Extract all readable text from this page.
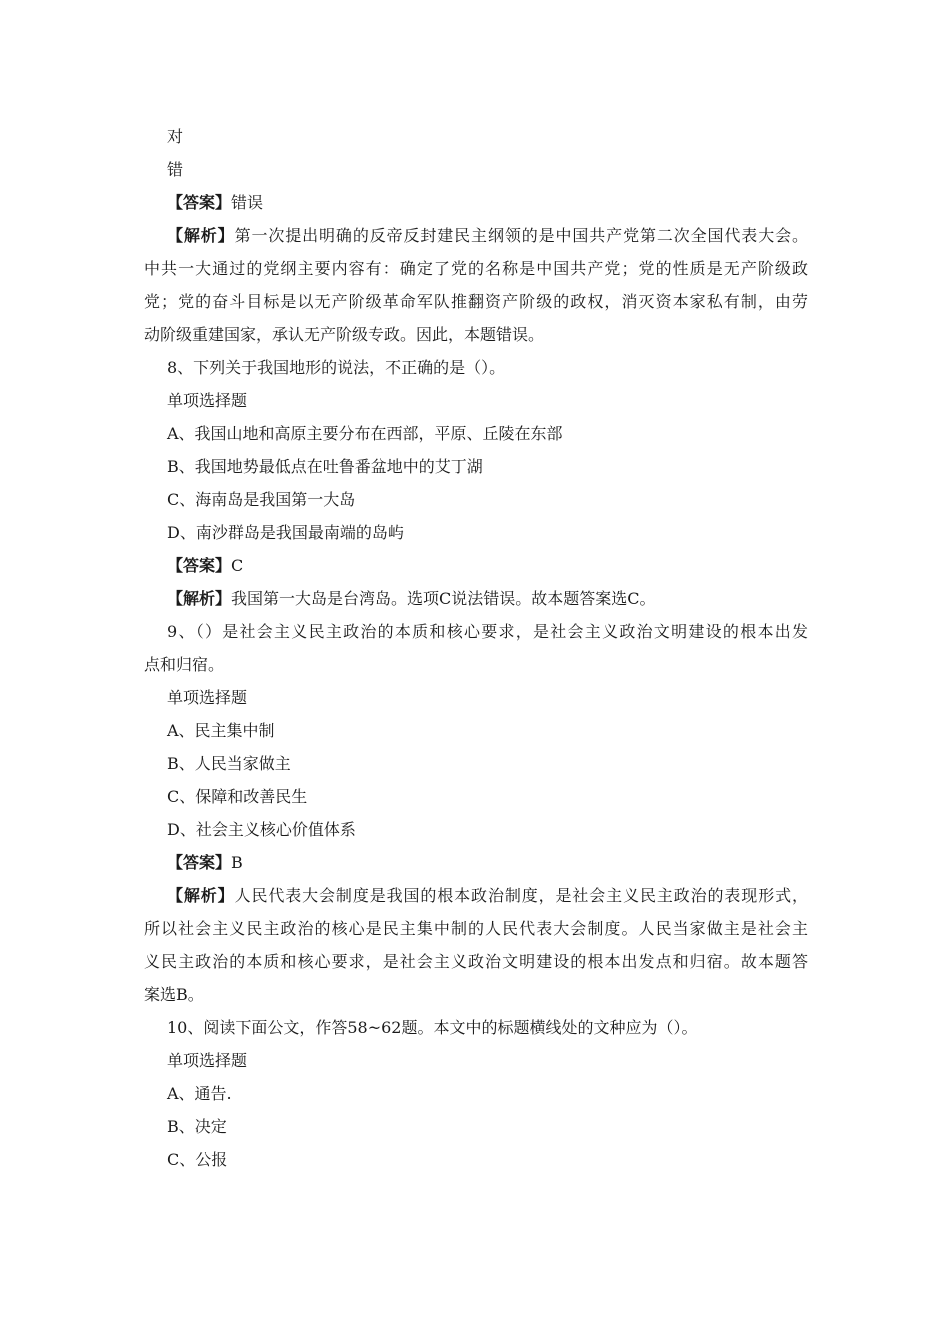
对
错
【答案】错误
【解析】第一次提出明确的反帝反封建民主纲领的是中国共产党第二次全国代表大会。
中共一大通过的党纲主要内容有：确定了党的名称是中国共产党；党的性质是无产阶级政
党；党的奋斗目标是以无产阶级革命军队推翻资产阶级的政权，消灭资本家私有制，由劳
动阶级重建国家，承认无产阶级专政。因此，本题错误。
8、下列关于我国地形的说法，不正确的是（）。
单项选择题
A、我国山地和高原主要分布在西部，平原、丘陵在东部
B、我国地势最低点在吐鲁番盆地中的艾丁湖
C、海南岛是我国第一大岛
D、南沙群岛是我国最南端的岛屿
【答案】C
【解析】我国第一大岛是台湾岛。选项C说法错误。故本题答案选C。
9、（）是社会主义民主政治的本质和核心要求，是社会主义政治文明建设的根本出发
点和归宿。
单项选择题
A、民主集中制
B、人民当家做主
C、保障和改善民生
D、社会主义核心价值体系
【答案】B
【解析】人民代表大会制度是我国的根本政治制度，是社会主义民主政治的表现形式，
所以社会主义民主政治的核心是民主集中制的人民代表大会制度。人民当家做主是社会主
义民主政治的本质和核心要求，是社会主义政治文明建设的根本出发点和归宿。故本题答
案选B。
10、阅读下面公文，作答58~62题。本文中的标题横线处的文种应为（）。
单项选择题
A、通告.
B、决定
C、公报
